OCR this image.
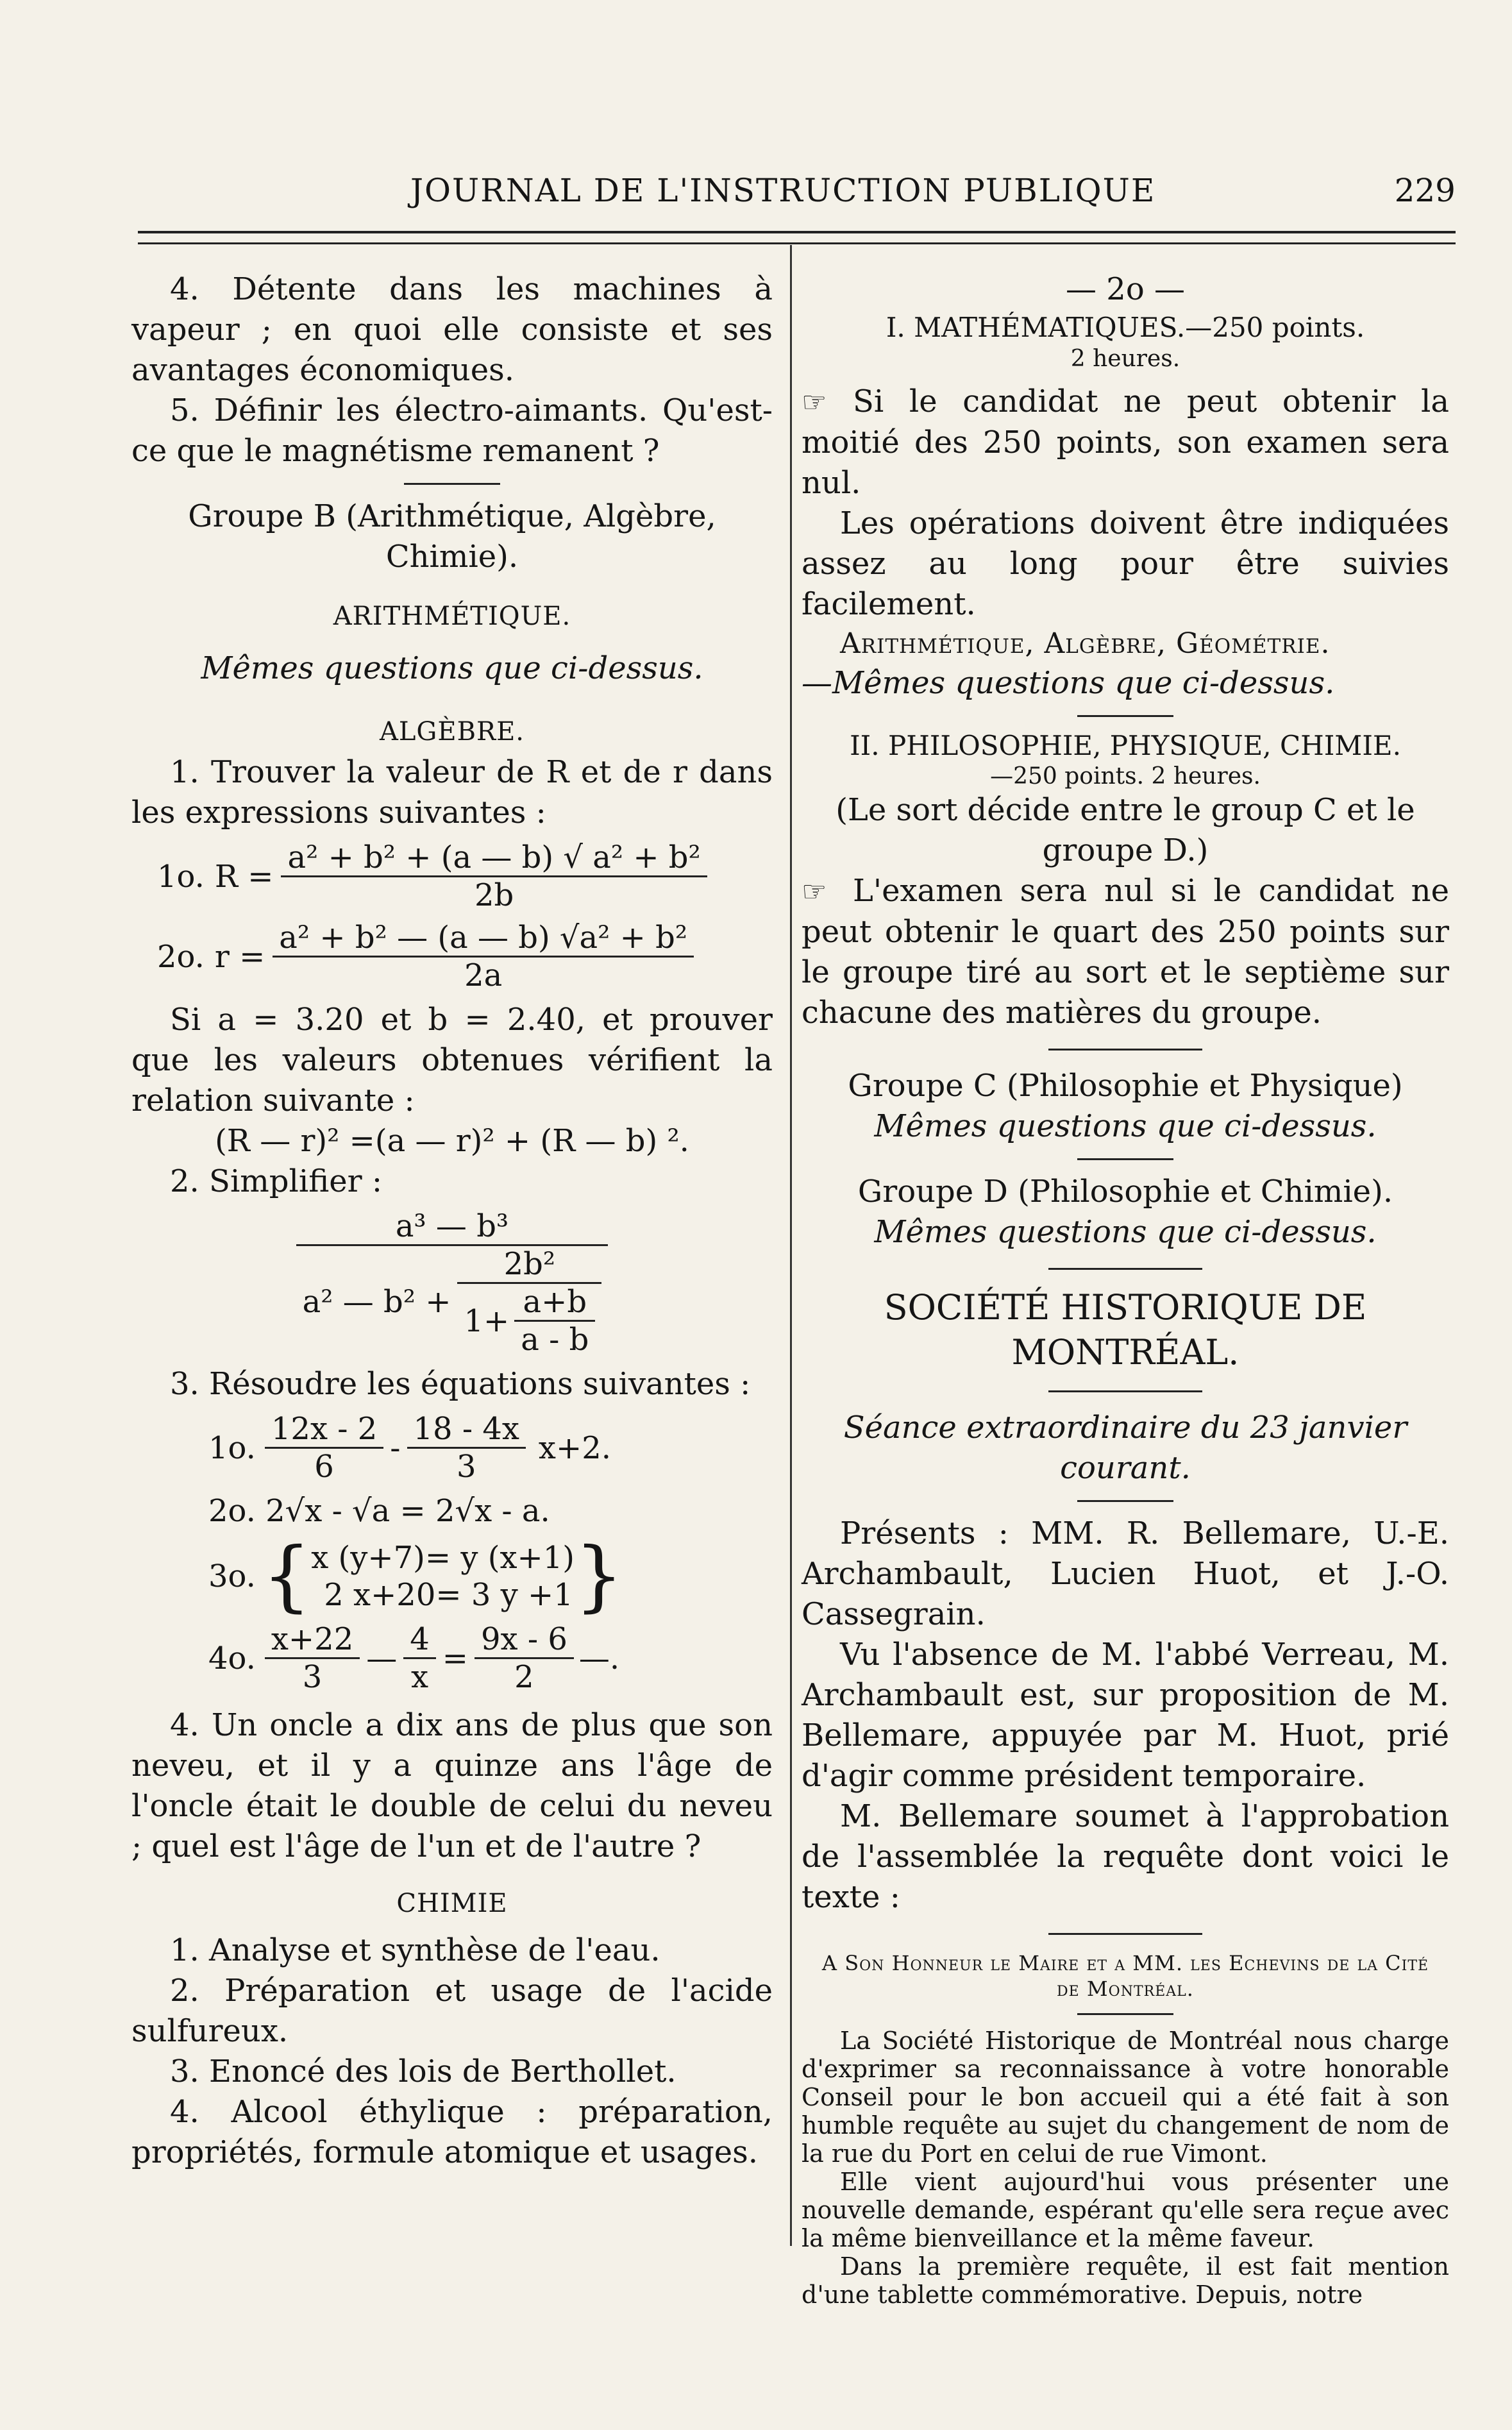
JOURNAL DE L'INSTRUCTION PUBLIQUE	229

4. Détente dans les machines à vapeur ; en quoi elle consiste et ses avantages économiques.

5. Définir les électro-aimants. Qu'est-ce que le magnétisme remanent ?

Groupe B (Arithmétique, Algèbre, Chimie).

ARITHMÉTIQUE.

Mêmes questions que ci-dessus.

ALGÈBRE.

1. Trouver la valeur de R et de r dans les expressions suivantes :

1o. $R = \frac{\text{a² + b² + (a — b) √ a² + b²}}{2b}$
2o. $r = \frac{\text{a² + b² — (a — b) √a² + b²}}{2a}$

Si a = 3.20 et b = 2.40, et prouver que les valeurs obtenues vérifient la relation suivante :

(R — r)² =(a — r)² + (R — b) ².

2. Simplifier :

a³ — b³
a² — $b^2 + \frac{\text{2b²}}{1+ \frac{a+b}{a - b}}$

3. Résoudre les équations suivantes :

1o. $\frac{12x - 2}{6} - \frac{18 - 4x}{3} x+2$.

2o. 2√x - √a = 2√x - a.

3o. { x (y+7)= y (x+1)
2 x+20= 3 y +1 }
4o. $\frac{x+22}{3}$ — $\frac{4}{x} = \frac{9x - 6}{2}$ —.

4. Un oncle a dix ans de plus que son neveu, et il y a quinze ans l'âge de l'oncle était le double de celui du neveu ; quel est l'âge de l'un et de l'autre ?

CHIMIE

1. Analyse et synthèse de l'eau.

2. Préparation et usage de l'acide sulfureux.

3. Enoncé des lois de Berthollet.

4. Alcool éthylique : préparation, propriétés, formule atomique et usages.

— 2o —

I. MATHÉMATIQUES.—250 points.

2 heures.

☞ Si le candidat ne peut obtenir la moitié des 250 points, son examen sera nul.

Les opérations doivent être indiquées assez au long pour être suivies facilement.

Arithmétique, Algèbre, Géométrie.

—Mêmes questions que ci-dessus.

II. PHILOSOPHIE, PHYSIQUE, CHIMIE.

—250 points. 2 heures.

(Le sort décide entre le group C et le groupe D.)

☞ L'examen sera nul si le candidat ne peut obtenir le quart des 250 points sur le groupe tiré au sort et le septième sur chacune des matières du groupe.

Groupe C (Philosophie et Physique)

Mêmes questions que ci-dessus.

Groupe D (Philosophie et Chimie).

Mêmes questions que ci-dessus.

SOCIÉTÉ HISTORIQUE DE MONTRÉAL.

Séance extraordinaire du 23 janvier courant.

Présents : MM. R. Bellemare, U.-E. Archambault, Lucien Huot, et J.-O. Cassegrain.

Vu l'absence de M. l'abbé Verreau, M. Archambault est, sur proposition de M. Bellemare, appuyée par M. Huot, prié d'agir comme président temporaire.

M. Bellemare soumet à l'approbation de l'assemblée la requête dont voici le texte :

A Son Honneur le Maire et a MM. les Echevins de la Cité de Montréal.

La Société Historique de Montréal nous charge d'exprimer sa reconnaissance à votre honorable Conseil pour le bon accueil qui a été fait à son humble requête au sujet du changement de nom de la rue du Port en celui de rue Vimont.

Elle vient aujourd'hui vous présenter une nouvelle demande, espérant qu'elle sera reçue avec la même bienveillance et la même faveur.

Dans la première requête, il est fait mention d'une tablette commémorative. Depuis, notre
